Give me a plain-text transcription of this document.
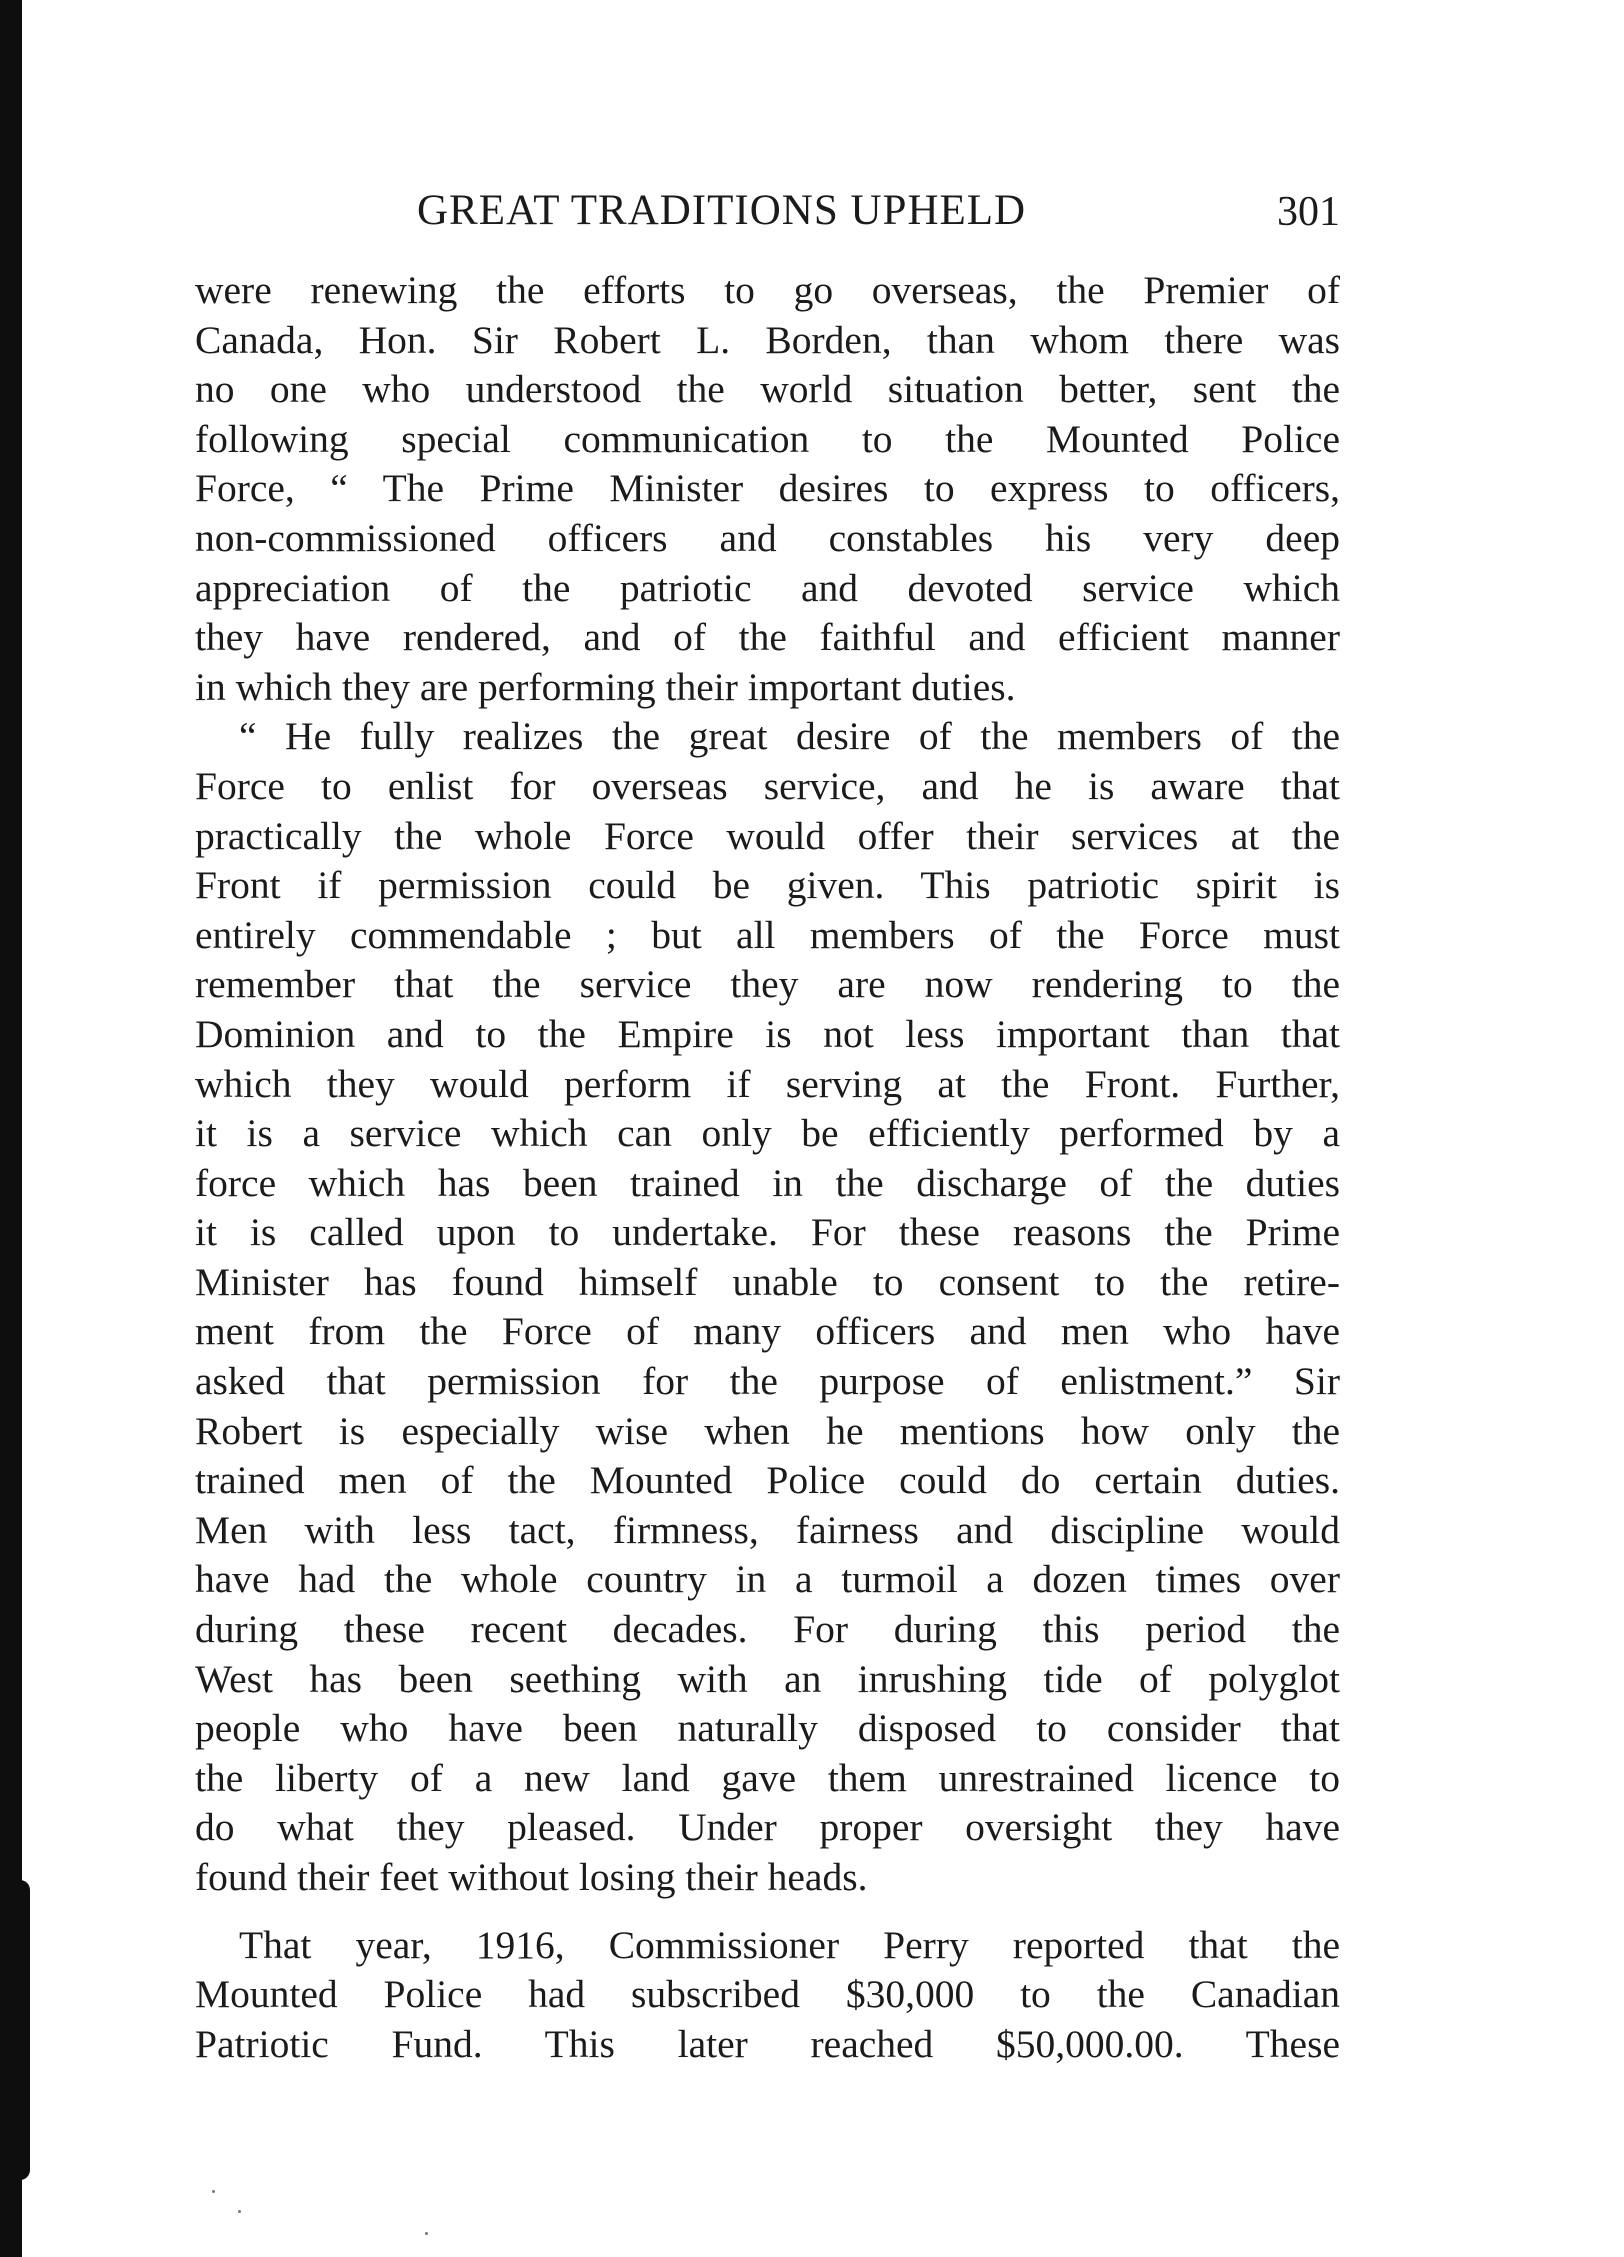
GREAT TRADITIONS UPHELD	301
were renewing the efforts to go overseas, the Premier of
Canada, Hon. Sir Robert L. Borden, than whom there was
no one who understood the world situation better, sent the
following special communication to the Mounted Police
Force, “ The Prime Minister desires to express to officers,
non-commissioned officers and constables his very deep
appreciation of the patriotic and devoted service which
they have rendered, and of the faithful and efficient manner
in which they are performing their important duties.
“ He fully realizes the great desire of the members of the
Force to enlist for overseas service, and he is aware that
practically the whole Force would offer their services at the
Front if permission could be given. This patriotic spirit is
entirely commendable ; but all members of the Force must
remember that the service they are now rendering to the
Dominion and to the Empire is not less important than that
which they would perform if serving at the Front. Further,
it is a service which can only be efficiently performed by a
force which has been trained in the discharge of the duties
it is called upon to undertake. For these reasons the Prime
Minister has found himself unable to consent to the retire-
ment from the Force of many officers and men who have
asked that permission for the purpose of enlistment.” Sir
Robert is especially wise when he mentions how only the
trained men of the Mounted Police could do certain duties.
Men with less tact, firmness, fairness and discipline would
have had the whole country in a turmoil a dozen times over
during these recent decades. For during this period the
West has been seething with an inrushing tide of polyglot
people who have been naturally disposed to consider that
the liberty of a new land gave them unrestrained licence to
do what they pleased. Under proper oversight they have
found their feet without losing their heads.
That year, 1916, Commissioner Perry reported that the
Mounted Police had subscribed $30,000 to the Canadian
Patriotic Fund. This later reached $50,000.00. These
